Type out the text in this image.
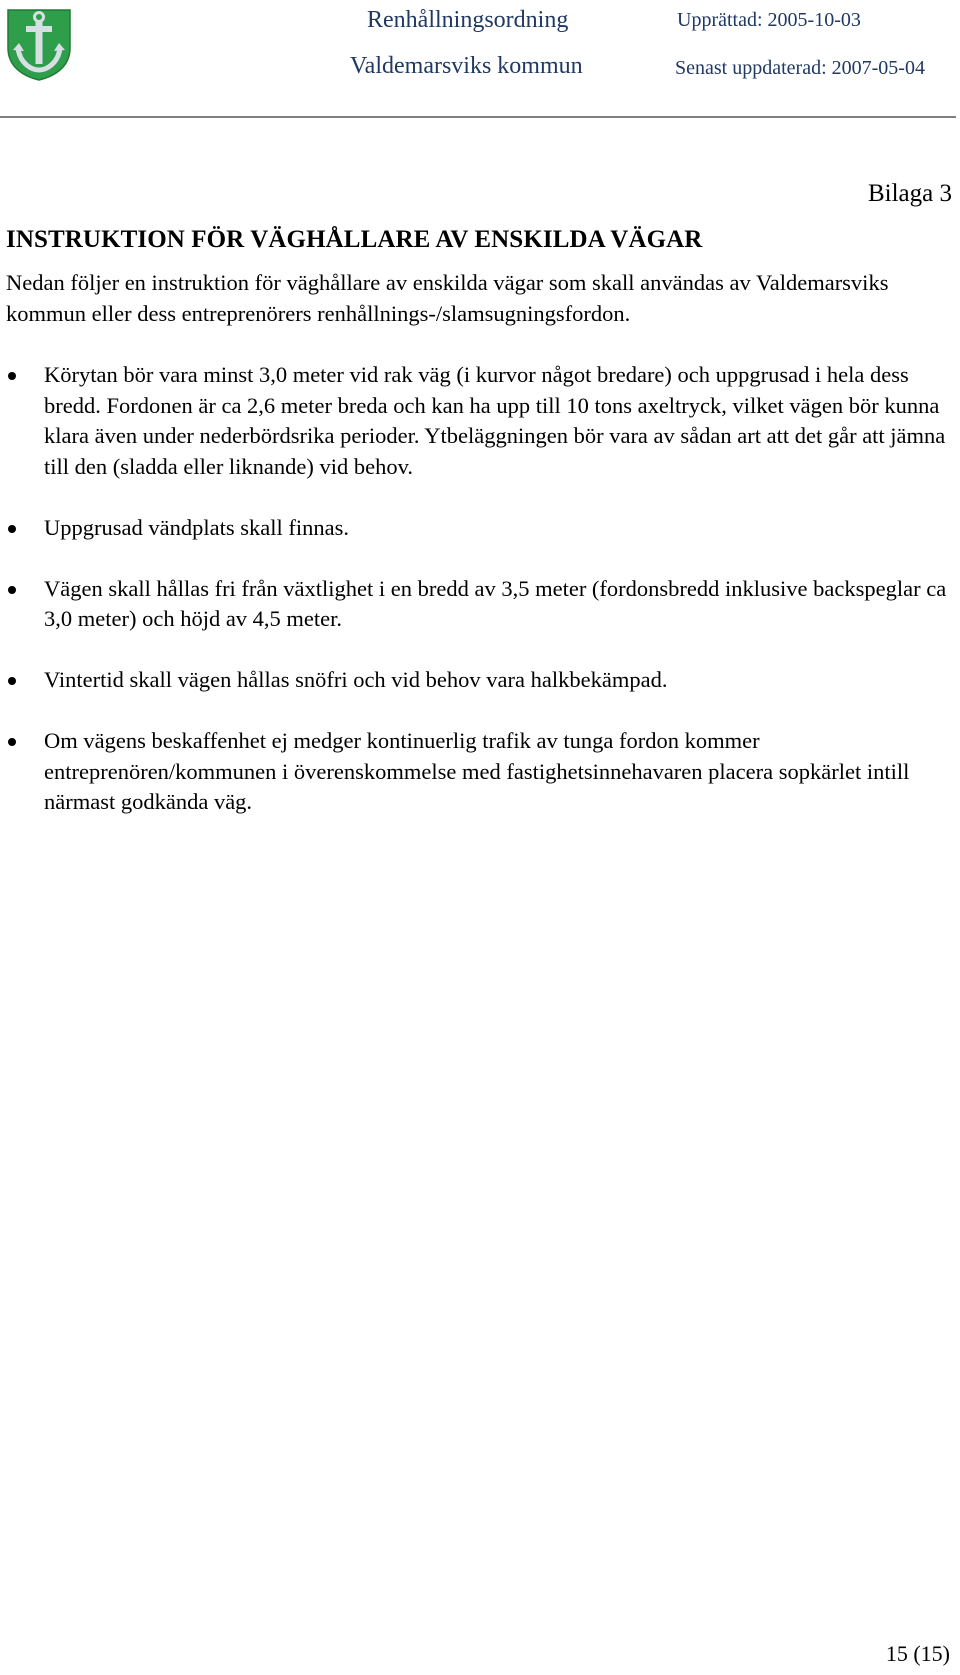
Renhållningsordning
Valdemarsviks kommun
Upprättad: 2005-10-03
Senast uppdaterad: 2007-05-04
Bilaga 3
INSTRUKTION FÖR VÄGHÅLLARE AV ENSKILDA VÄGAR

Nedan följer en instruktion för väghållare av enskilda vägar som skall användas av Valdemarsviks kommun eller dess entreprenörers renhållnings-/slamsugningsfordon.

Körytan bör vara minst 3,0 meter vid rak väg (i kurvor något bredare) och uppgrusad i hela dess bredd. Fordonen är ca 2,6 meter breda och kan ha upp till 10 tons axeltryck, vilket vägen bör kunna klara även under nederbördsrika perioder. Ytbeläggningen bör vara av sådan art att det går att jämna till den (sladda eller liknande) vid behov.
Uppgrusad vändplats skall finnas.
Vägen skall hållas fri från växtlighet i en bredd av 3,5 meter (fordonsbredd inklusive backspeglar ca 3,0 meter) och höjd av 4,5 meter.
Vintertid skall vägen hållas snöfri och vid behov vara halkbekämpad.
Om vägens beskaffenhet ej medger kontinuerlig trafik av tunga fordon kommer entreprenören/kommunen i överenskommelse med fastighetsinnehavaren placera sopkärlet intill närmast godkända väg.
15 (15)
